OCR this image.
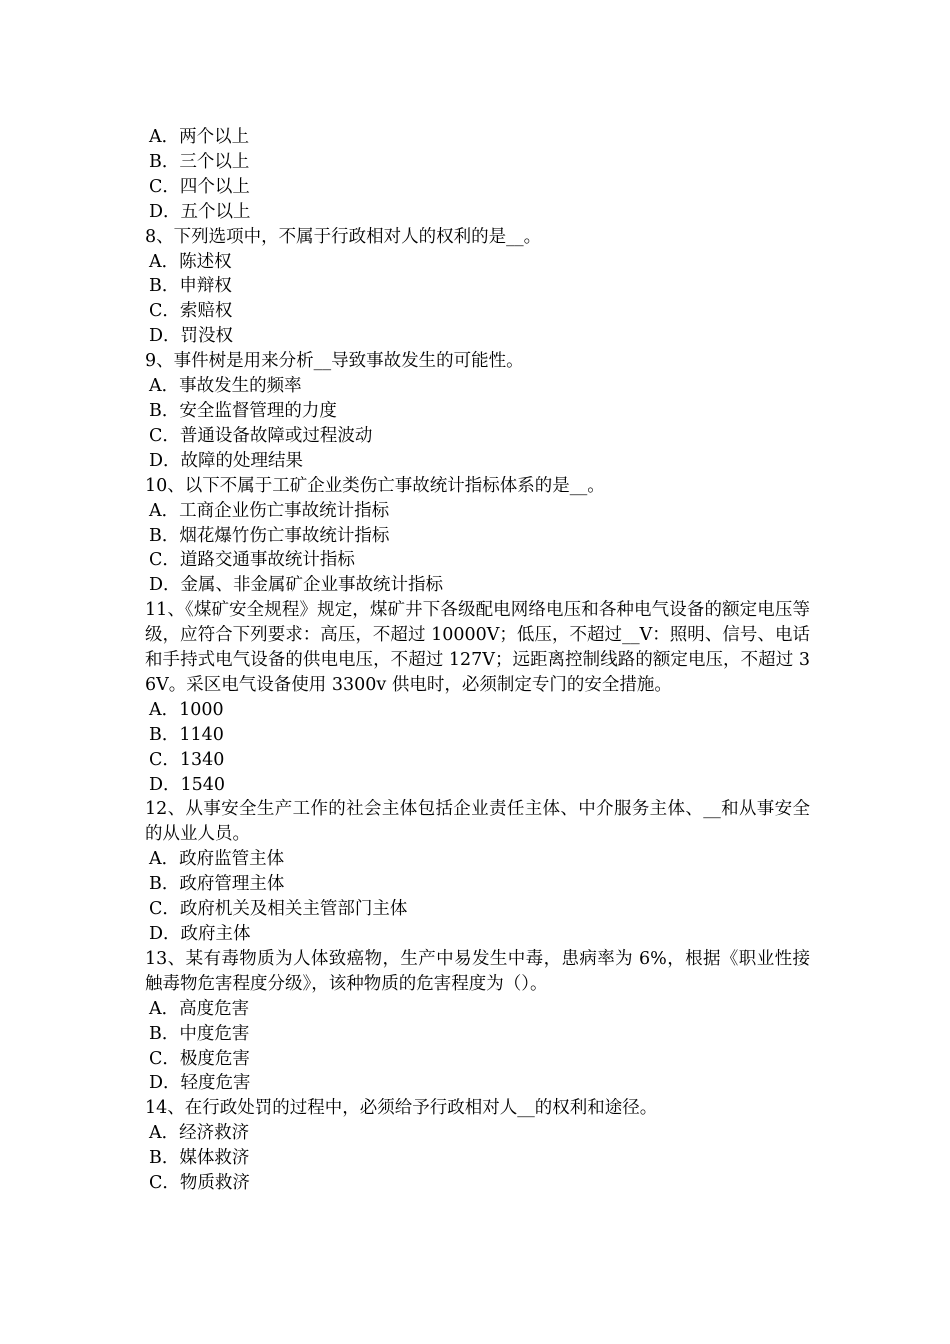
A．两个以上

B．三个以上

C．四个以上

D．五个以上

8、下列选项中，不属于行政相对人的权利的是__。

A．陈述权

B．申辩权

C．索赔权

D．罚没权

9、事件树是用来分析__导致事故发生的可能性。

A．事故发生的频率

B．安全监督管理的力度

C．普通设备故障或过程波动

D．故障的处理结果

10、以下不属于工矿企业类伤亡事故统计指标体系的是__。

A．工商企业伤亡事故统计指标

B．烟花爆竹伤亡事故统计指标

C．道路交通事故统计指标

D．金属、非金属矿企业事故统计指标

11、《煤矿安全规程》规定，煤矿井下各级配电网络电压和各种电气设备的额定电压等级，应符合下列要求：高压，不超过 10000V；低压，不超过__V：照明、信号、电话和手持式电气设备的供电电压，不超过 127V；远距离控制线路的额定电压，不超过 36V。采区电气设备使用 3300v 供电时，必须制定专门的安全措施。

A．1000

B．1140

C．1340

D．1540

12、从事安全生产工作的社会主体包括企业责任主体、中介服务主体、__和从事安全的从业人员。

A．政府监管主体

B．政府管理主体

C．政府机关及相关主管部门主体

D．政府主体

13、某有毒物质为人体致癌物，生产中易发生中毒，患病率为 6%，根据《职业性接触毒物危害程度分级》，该种物质的危害程度为（）。

A．高度危害

B．中度危害

C．极度危害

D．轻度危害

14、在行政处罚的过程中，必须给予行政相对人__的权利和途径。

A．经济救济

B．媒体救济

C．物质救济
